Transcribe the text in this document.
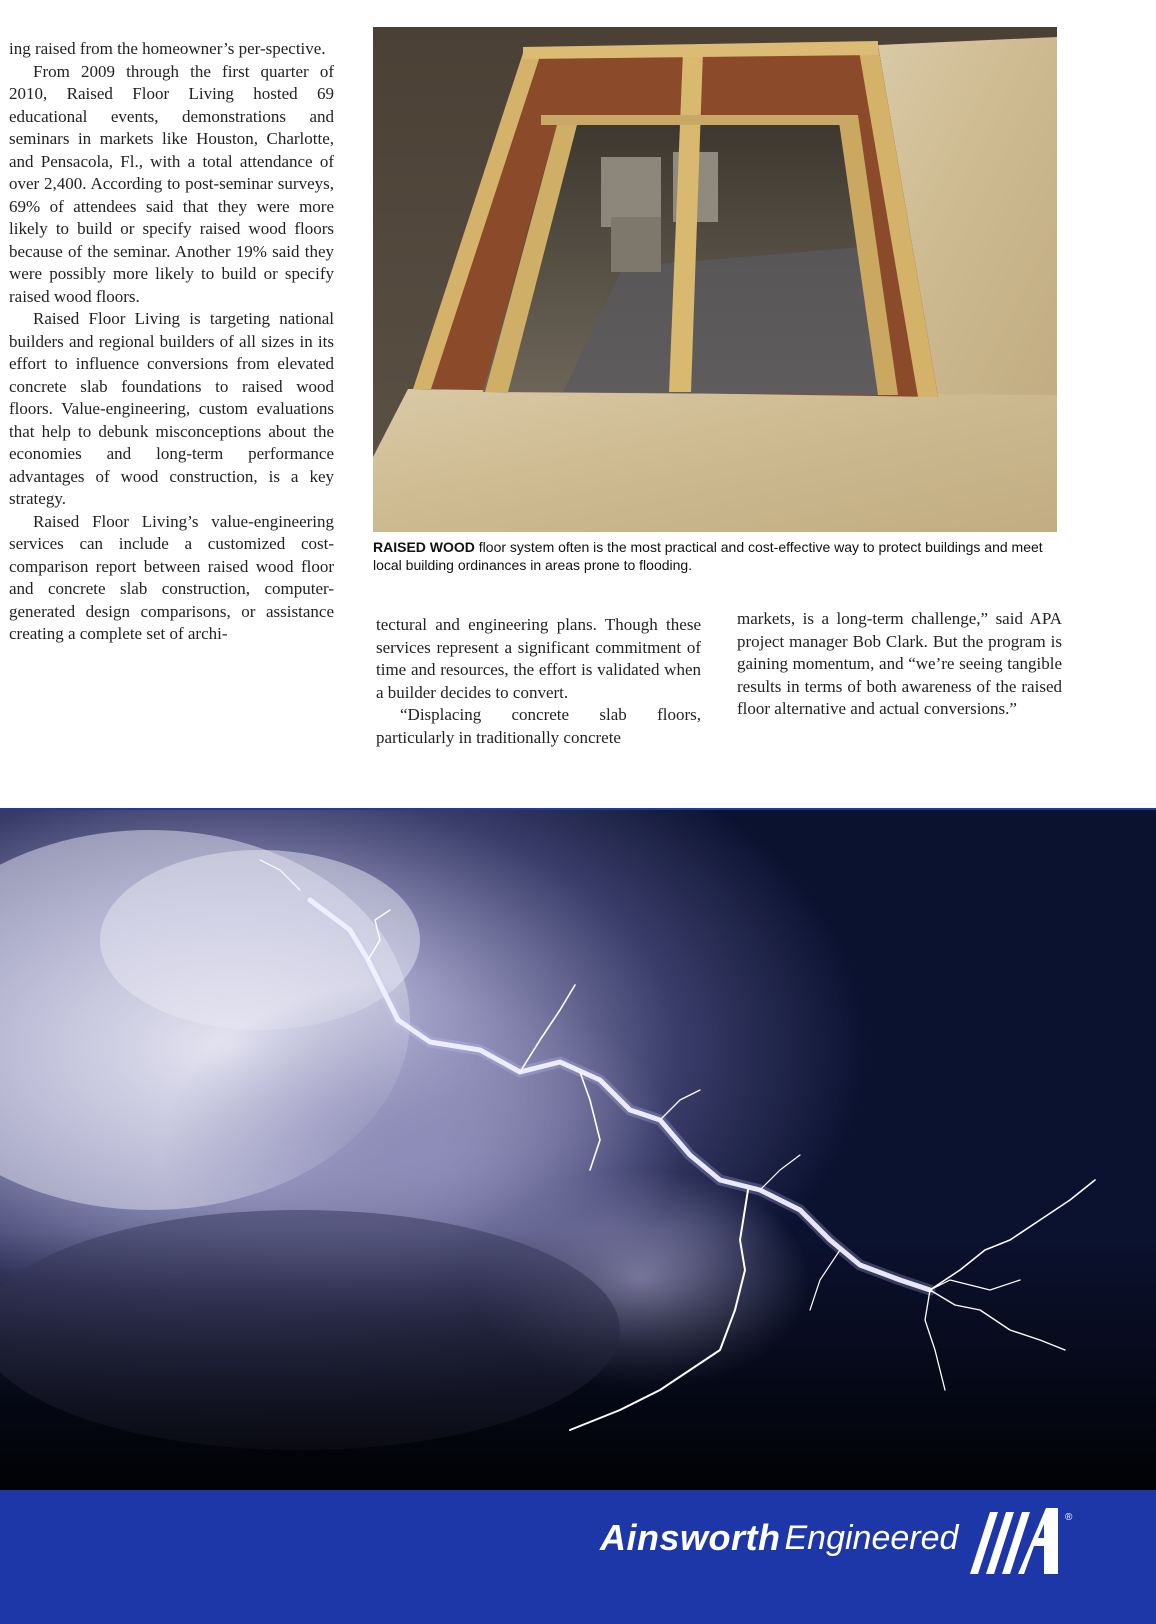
ing raised from the homeowner’s per-spective.

From 2009 through the first quarter of 2010, Raised Floor Living hosted 69 educational events, demonstrations and seminars in markets like Houston, Charlotte, and Pensacola, Fl., with a total attendance of over 2,400. According to post-seminar surveys, 69% of attendees said that they were more likely to build or specify raised wood floors because of the seminar. Another 19% said they were possibly more likely to build or specify raised wood floors.

Raised Floor Living is targeting national builders and regional builders of all sizes in its effort to influence conversions from elevated concrete slab foundations to raised wood floors. Value-engineering, custom evaluations that help to debunk misconceptions about the economies and long-term performance advantages of wood construction, is a key strategy.

Raised Floor Living’s value-engineering services can include a customized cost-comparison report between raised wood floor and concrete slab construction, computer-generated design comparisons, or assistance creating a complete set of archi-

RAISED WOOD floor system often is the most practical and cost-effective way to protect buildings and meet local building ordinances in areas prone to flooding.

tectural and engineering plans. Though these services represent a significant commitment of time and resources, the effort is validated when a builder decides to convert.

“Displacing concrete slab floors, particularly in traditionally concrete

markets, is a long-term challenge,” said APA project manager Bob Clark. But the program is gaining momentum, and “we’re seeing tangible results in terms of both awareness of the raised floor alternative and actual conversions.”

Ainsworth Engineered
®
